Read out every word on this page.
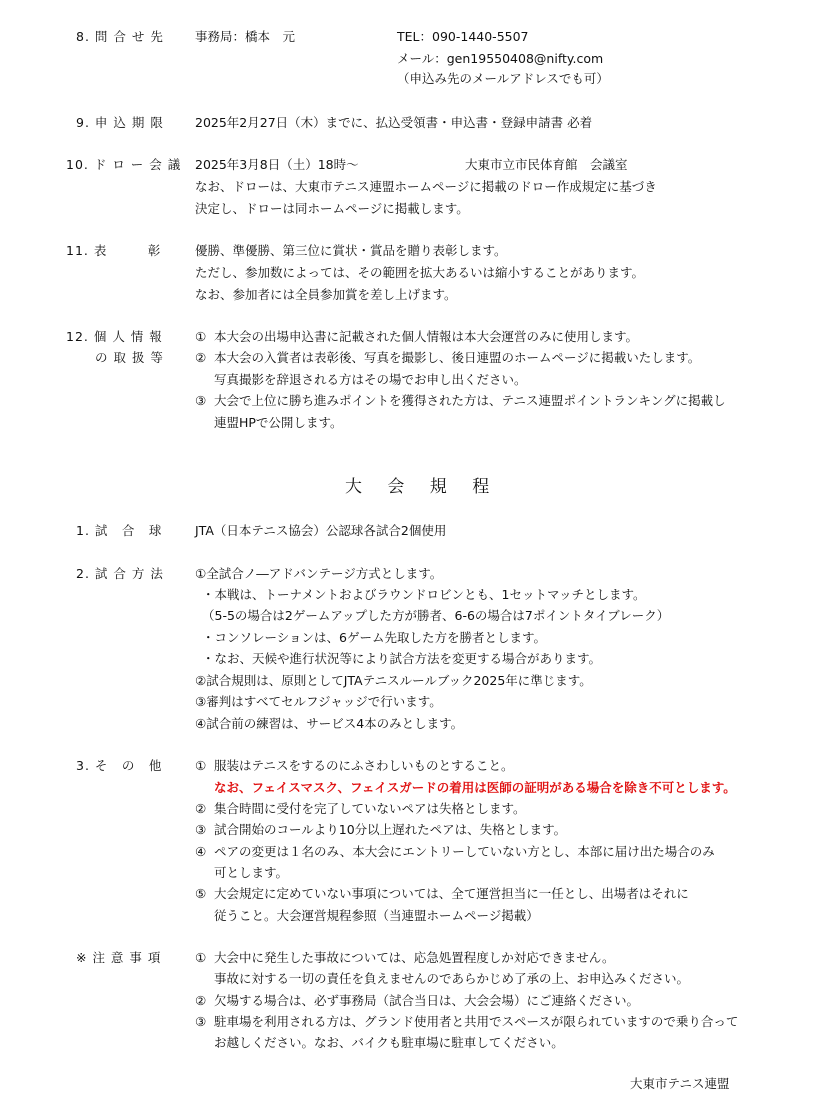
8. 問 合 せ 先 事務局：橋本　元	TEL：090-1440-5507
メール：gen19550408@nifty.com
（申込み先のメールアドレスでも可）
9. 申 込 期 限 2025年2月27日（木）までに、払込受領書・申込書・登録申請書 必着
10. ド ロ ー 会 議 2025年3月8日（土）18時～	大東市立市民体育館　会議室
なお、ドローは、大東市テニス連盟ホームページに掲載のドロー作成規定に基づき
決定し、ドローは同ホームページに掲載します。
11. 表　　　彰	優勝、準優勝、第三位に賞状・賞品を贈り表彰します。
ただし、参加数によっては、その範囲を拡大あるいは縮小することがあります。
なお、参加者には全員参加賞を差し上げます。
12. 個 人 情 報
の 取 扱 等
① 本大会の出場申込書に記載された個人情報は本大会運営のみに使用します。
② 本大会の入賞者は表彰後、写真を撮影し、後日連盟のホームページに掲載いたします。
写真撮影を辞退される方はその場でお申し出ください。
③ 大会で上位に勝ち進みポイントを獲得された方は、テニス連盟ポイントランキングに掲載し
連盟HPで公開します。
大 会 規 程
1. 試　合　球	JTA（日本テニス協会）公認球各試合2個使用
2. 試 合 方 法 ①全試合ノ―アドバンテージ方式とします。
・本戦は、トーナメントおよびラウンドロビンとも、1セットマッチとします。
（5-5の場合は2ゲームアップした方が勝者、6-6の場合は7ポイントタイブレーク）
・コンソレーションは、6ゲーム先取した方を勝者とします。
・なお、天候や進行状況等により試合方法を変更する場合があります。
②試合規則は、原則としてJTAテニスルールブック2025年に準じます。
③審判はすべてセルフジャッジで行います。
④試合前の練習は、サービス4本のみとします。
3. そ　の　他	① 服装はテニスをするのにふさわしいものとすること。
なお、フェイスマスク、フェイスガードの着用は医師の証明がある場合を除き不可とします。
② 集合時間に受付を完了していないペアは失格とします。
③ 試合開始のコールより10分以上遅れたペアは、失格とします。
④ ペアの変更は１名のみ、本大会にエントリーしていない方とし、本部に届け出た場合のみ
可とします。
⑤ 大会規定に定めていない事項については、全て運営担当に一任とし、出場者はそれに
従うこと。大会運営規程参照（当連盟ホームページ掲載）
※ 注 意 事 項	① 大会中に発生した事故については、応急処置程度しか対応できません。
事故に対する一切の責任を負えませんのであらかじめ了承の上、お申込みください。
② 欠場する場合は、必ず事務局（試合当日は、大会会場）にご連絡ください。
③ 駐車場を利用される方は、グランド使用者と共用でスペースが限られていますので乗り合って
お越しください。なお、バイクも駐車場に駐車してください。
大東市テニス連盟
